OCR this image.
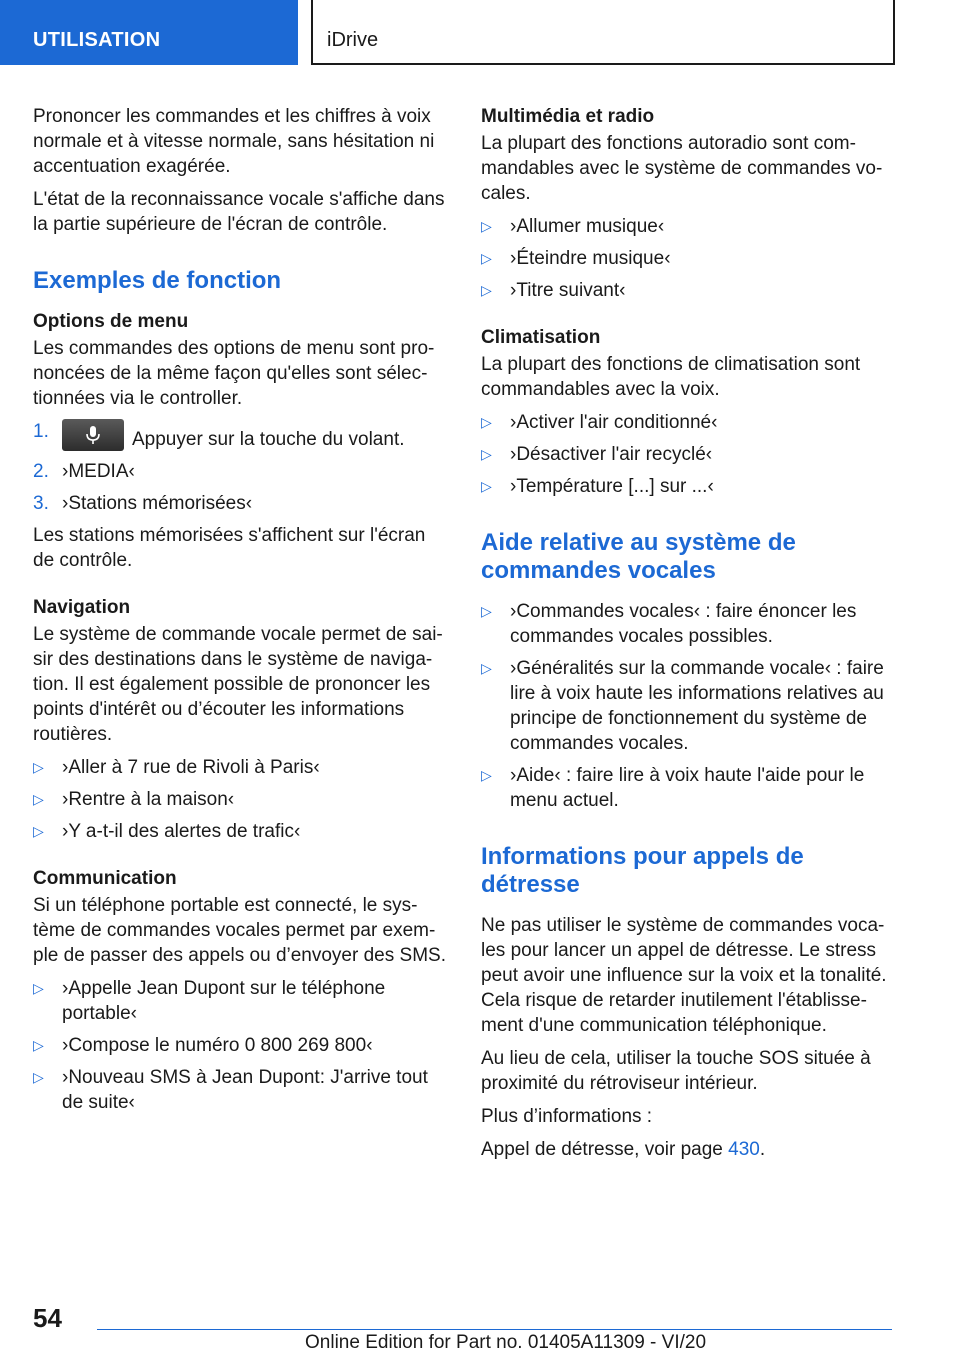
UTILISATION	iDrive

Prononcer les commandes et les chiffres à voix normale et à vitesse normale, sans hésitation ni accentuation exagérée.

L'état de la reconnaissance vocale s'affiche dans la partie supérieure de l'écran de contrôle.

Exemples de fonction
Options de menu

Les commandes des options de menu sont pro-noncées de la même façon qu'elles sont sélec-tionnées via le controller.

1.	Appuyer sur la touche du volant.
2. ›MEDIA‹
3. ›Stations mémorisées‹

Les stations mémorisées s'affichent sur l'écran de contrôle.

Navigation

Le système de commande vocale permet de sai-sir des destinations dans le système de naviga-tion. Il est également possible de prononcer les points d'intérêt ou d’écouter les informations routières.

▷ ›Aller à 7 rue de Rivoli à Paris‹
▷ ›Rentre à la maison‹
▷ ›Y a-t-il des alertes de trafic‹
Communication

Si un téléphone portable est connecté, le sys-tème de commandes vocales permet par exem-ple de passer des appels ou d’envoyer des SMS.

▷ ›Appelle Jean Dupont sur le téléphone portable‹
▷ ›Compose le numéro 0 800 269 800‹
▷ ›Nouveau SMS à Jean Dupont: J'arrive tout de suite‹
Multimédia et radio

La plupart des fonctions autoradio sont com-mandables avec le système de commandes vo-cales.

▷ ›Allumer musique‹
▷ ›Éteindre musique‹
▷ ›Titre suivant‹
Climatisation

La plupart des fonctions de climatisation sont commandables avec la voix.

▷ ›Activer l'air conditionné‹
▷ ›Désactiver l'air recyclé‹
▷ ›Température [...] sur ...‹
Aide relative au système de commandes vocales
▷ ›Commandes vocales‹ : faire énoncer les commandes vocales possibles.
▷ ›Généralités sur la commande vocale‹ : faire lire à voix haute les informations relatives au principe de fonctionnement du système de commandes vocales.
▷ ›Aide‹ : faire lire à voix haute l'aide pour le menu actuel.
Informations pour appels de détresse

Ne pas utiliser le système de commandes voca-les pour lancer un appel de détresse. Le stress peut avoir une influence sur la voix et la tonalité. Cela risque de retarder inutilement l'établisse-ment d'une communication téléphonique.

Au lieu de cela, utiliser la touche SOS située à proximité du rétroviseur intérieur.

Plus d’informations :

Appel de détresse, voir page 430.

54
Online Edition for Part no. 01405A11309 - VI/20
